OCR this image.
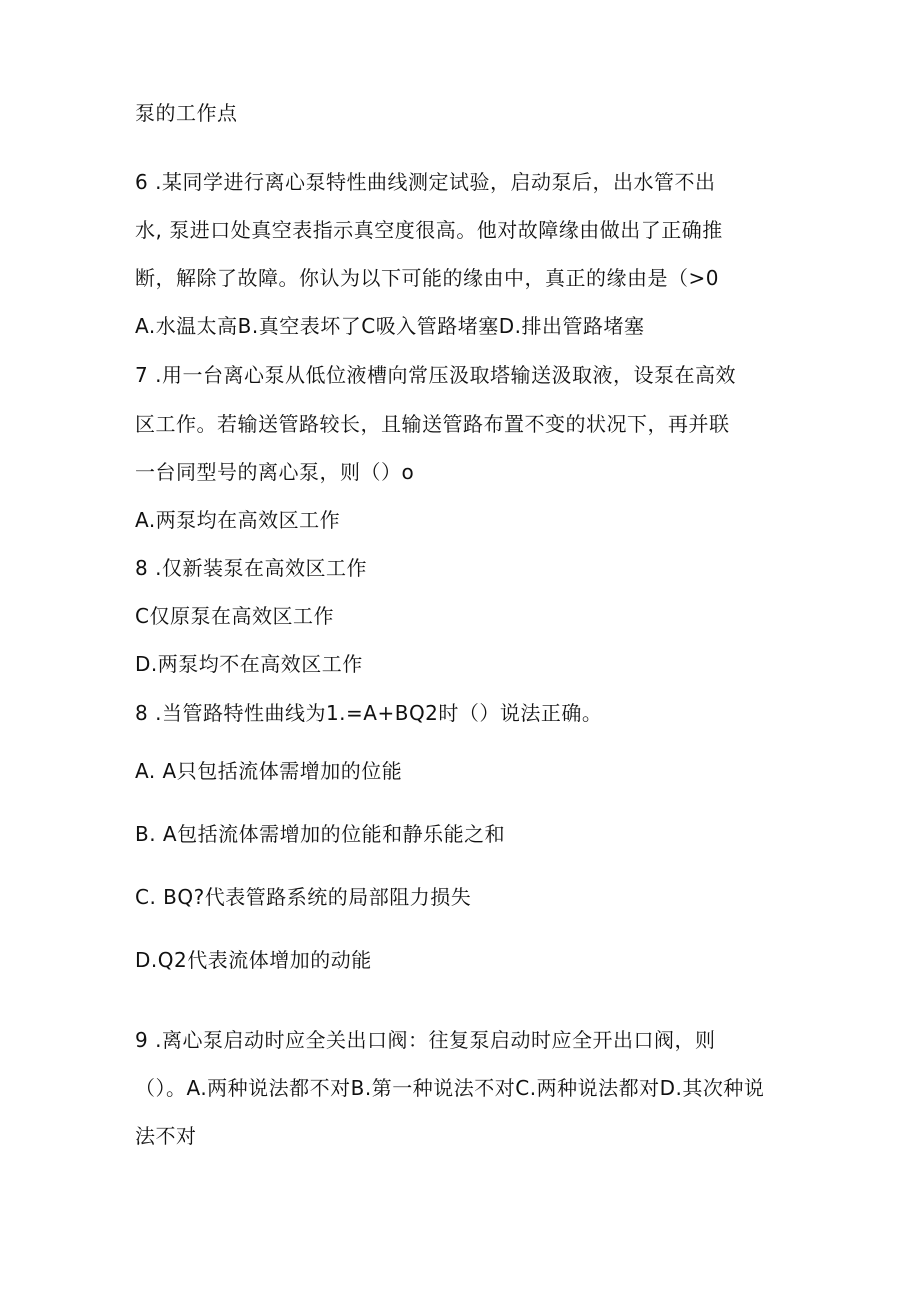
泵的工作点
6 .某同学进行离心泵特性曲线测定试验，启动泵后，出水管不出
水, 泵进口处真空表指示真空度很高。他对故障缘由做出了正确推
断，解除了故障。你认为以下可能的缘由中，真正的缘由是（>0
A.水温太高B.真空表坏了C吸入管路堵塞D.排出管路堵塞
7 .用一台离心泵从低位液槽向常压汲取塔输送汲取液，设泵在高效
区工作。若输送管路较长，且输送管路布置不变的状况下，再并联
一台同型号的离心泵，则（）o
A.两泵均在高效区工作
8 .仅新装泵在高效区工作
C仅原泵在高效区工作
D.两泵均不在高效区工作
8 .当管路特性曲线为1.=A+BQ2时（）说法正确。
A. A只包括流体需增加的位能
B. A包括流体需增加的位能和静乐能之和
C. BQ?代表管路系统的局部阻力损失
D.Q2代表流体增加的动能
9 .离心泵启动时应全关出口阀：往复泵启动时应全开出口阀，则
（）。A.两种说法都不对B.第一种说法不对C.两种说法都对D.其次种说
法不对
